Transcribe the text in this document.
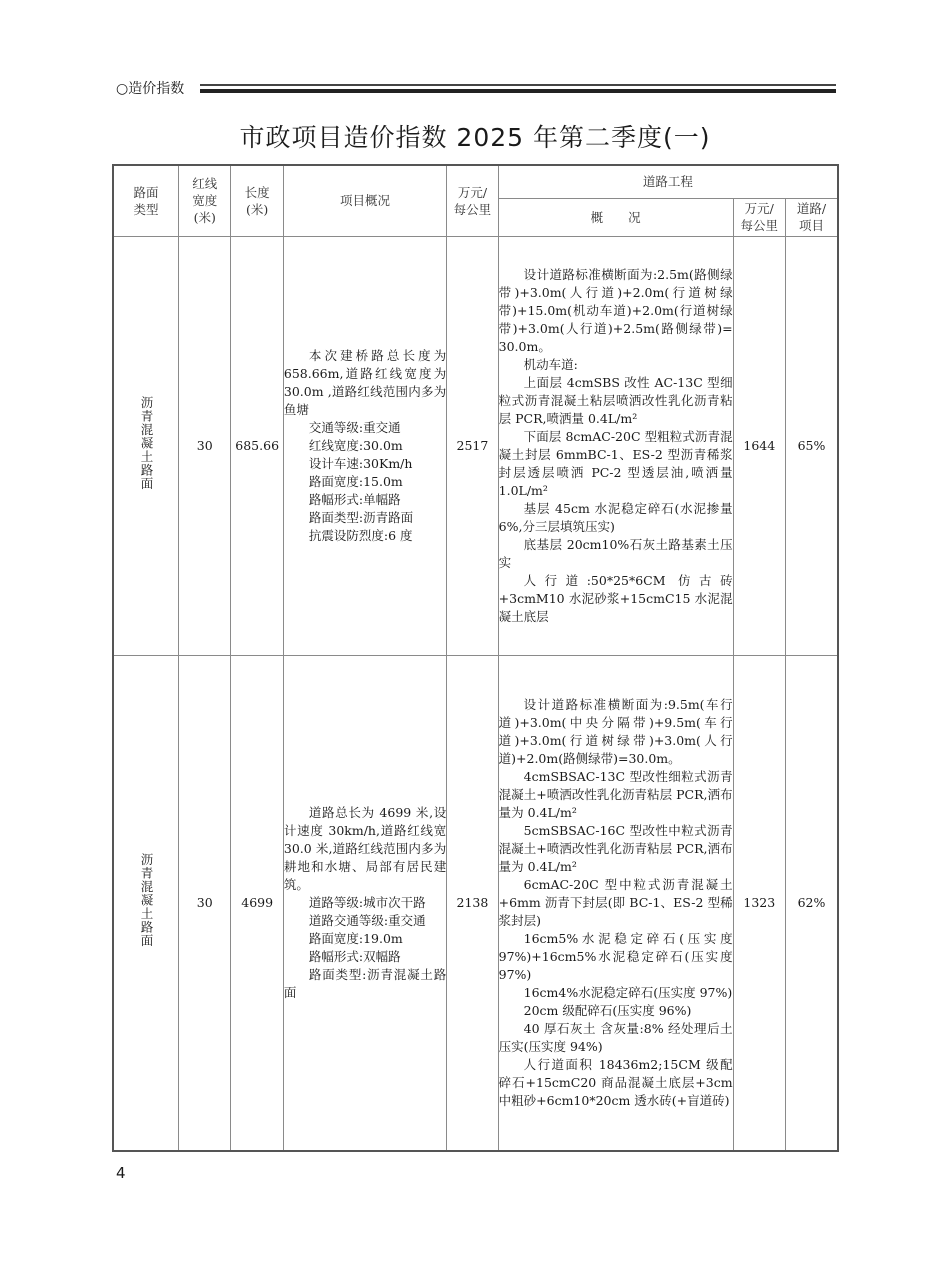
○造价指数
市政项目造价指数 2025 年第二季度(一)
路面
类型

红线
宽度
(米)

长度
(米)
	项目概况	
万元/
每公里
	道路工程
概　　况	
万元/
每公里

道路/
项目

沥青混凝土路面	30	685.66	
本次建桥路总长度为 658.66m,道路红线宽度为 30.0m ,道路红线范围内多为鱼塘
交通等级:重交通
红线宽度:30.0m
设计车速:30Km/h
路面宽度:15.0m
路幅形式:单幅路
路面类型:沥青路面
抗震设防烈度:6 度
	2517	
设计道路标准横断面为:2.5m(路侧绿带)+3.0m(人行道)+2.0m(行道树绿带)+15.0m(机动车道)+2.0m(行道树绿带)+3.0m(人行道)+2.5m(路侧绿带)= 30.0m。
机动车道:
上面层 4cmSBS 改性 AC-13C 型细粒式沥青混凝土粘层喷洒改性乳化沥青粘层 PCR,喷洒量 0.4L/m²
下面层 8cmAC-20C 型粗粒式沥青混凝土封层 6mmBC-1、ES-2 型沥青稀浆封层透层喷洒 PC-2 型透层油,喷洒量 1.0L/m²
基层 45cm 水泥稳定碎石(水泥掺量 6%,分三层填筑压实)
底基层 20cm10%石灰土路基素土压实
人行道:50*25*6CM 仿古砖+3cmM10 水泥砂浆+15cmC15 水泥混凝土底层
	1644	65%
沥青混凝土路面	30	4699	
道路总长为 4699 米,设计速度 30km/h,道路红线宽 30.0 米,道路红线范围内多为耕地和水塘、局部有居民建筑。
道路等级:城市次干路
道路交通等级:重交通
路面宽度:19.0m
路幅形式:双幅路
路面类型:沥青混凝土路面
	2138	
设计道路标准横断面为:9.5m(车行道)+3.0m(中央分隔带)+9.5m(车行道)+3.0m(行道树绿带)+3.0m(人行道)+2.0m(路侧绿带)=30.0m。
4cmSBSAC-13C 型改性细粒式沥青混凝土+喷洒改性乳化沥青粘层 PCR,洒布量为 0.4L/m²
5cmSBSAC-16C 型改性中粒式沥青混凝土+喷洒改性乳化沥青粘层 PCR,洒布量为 0.4L/m²
6cmAC-20C 型中粒式沥青混凝土+6mm 沥青下封层(即 BC-1、ES-2 型稀浆封层)
16cm5%水泥稳定碎石(压实度 97%)+16cm5%水泥稳定碎石(压实度 97%)
16cm4%水泥稳定碎石(压实度 97%)
20cm 级配碎石(压实度 96%)
40 厚石灰土 含灰量:8% 经处理后土压实(压实度 94%)
人行道面积 18436m2;15CM 级配碎石+15cmC20 商品混凝土底层+3cm 中粗砂+6cm10*20cm 透水砖(+盲道砖)
	1323	62%
4
